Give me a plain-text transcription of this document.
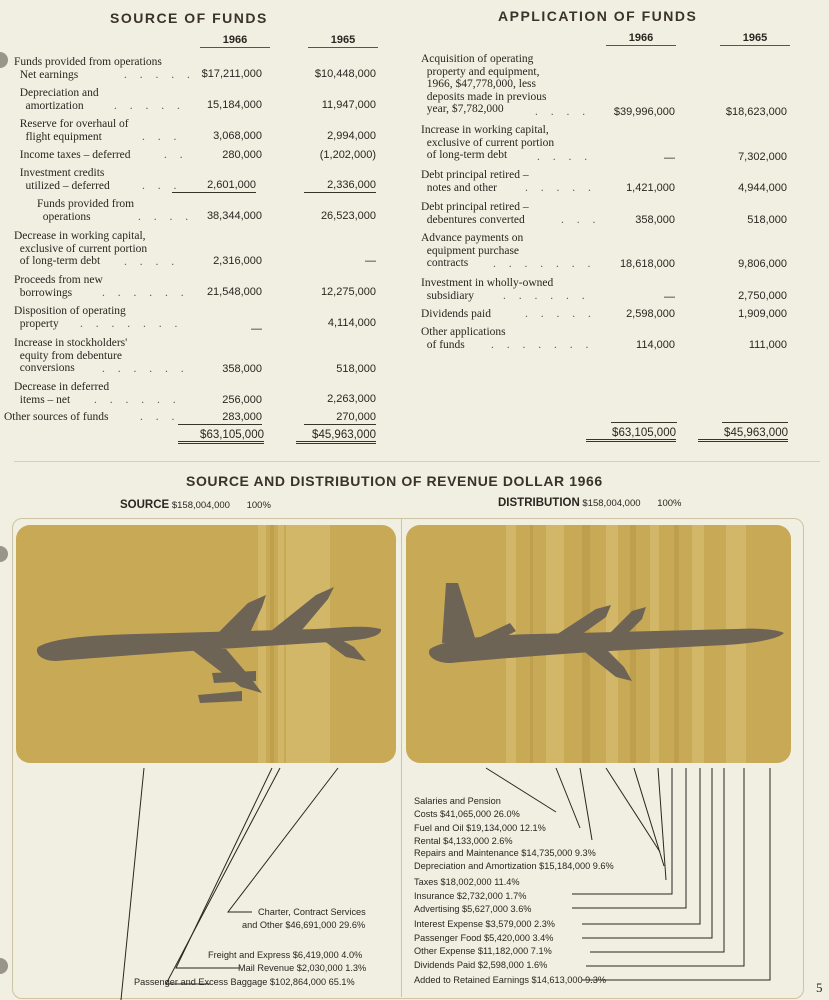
SOURCE OF FUNDS
1966	1965
Funds provided from operations
Net earnings	. . . . . $17,211,000	$10,448,000
Depreciation and
amortization	. . . . .	15,184,000	11,947,000
Reserve for overhaul of
flight equipment	. . .	3,068,000	2,994,000
Income taxes – deferred	. .	280,000	(1,202,000)
Investment credits
utilized – deferred	. . .	2,601,000	2,336,000
Funds provided from
operations	. . . .	38,344,000	26,523,000
Decrease in working capital,
exclusive of current portion
of long-term debt	. . . .	2,316,000	—
Proceeds from new
borrowings	. . . . . .	21,548,000	12,275,000
Disposition of operating
property	. . . . . . .	—	4,114,000
Increase in stockholders'
equity from debenture
conversions	. . . . . .	358,000	518,000
Decrease in deferred
items – net	. . . . . .	256,000	2,263,000
Other sources of funds	. . .	283,000	270,000
$63,105,000	$45,963,000
APPLICATION OF FUNDS
1966	1965
Acquisition of operating
property and equipment,
1966, $47,778,000, less
deposits made in previous
year, $7,782,000	. . . .	$39,996,000	$18,623,000
Increase in working capital,
exclusive of current portion
of long-term debt	. . . .	—	7,302,000
Debt principal retired –
notes and other	. . . . .	1,421,000	4,944,000
Debt principal retired –
debentures converted	. . .	358,000	518,000
Advance payments on
equipment purchase
contracts	. . . . . . .	18,618,000	9,806,000
Investment in wholly-owned
subsidiary	. . . . . .	—	2,750,000
Dividends paid	. . . . .	2,598,000	1,909,000
Other applications
of funds	. . . . . . .	114,000	111,000
$63,105,000	$45,963,000
SOURCE AND DISTRIBUTION OF REVENUE DOLLAR 1966
SOURCE $158,004,000 100%	DISTRIBUTION $158,004,000 100%
Charter, Contract Services
and Other $46,691,000 29.6%
Freight and Express $6,419,000 4.0%
Mail Revenue $2,030,000 1.3%
Passenger and Excess Baggage $102,864,000 65.1%
Salaries and Pension
Costs $41,065,000 26.0%
Fuel and Oil $19,134,000 12.1%
Rental $4,133,000 2.6%
Repairs and Maintenance $14,735,000 9.3%
Depreciation and Amortization $15,184,000 9.6%
Taxes $18,002,000 11.4%
Insurance $2,732,000 1.7%
Advertising $5,627,000 3.6%
Interest Expense $3,579,000 2.3%
Passenger Food $5,420,000 3.4%
Other Expense $11,182,000 7.1%
Dividends Paid $2,598,000 1.6%
Added to Retained Earnings $14,613,000 9.3%	5
